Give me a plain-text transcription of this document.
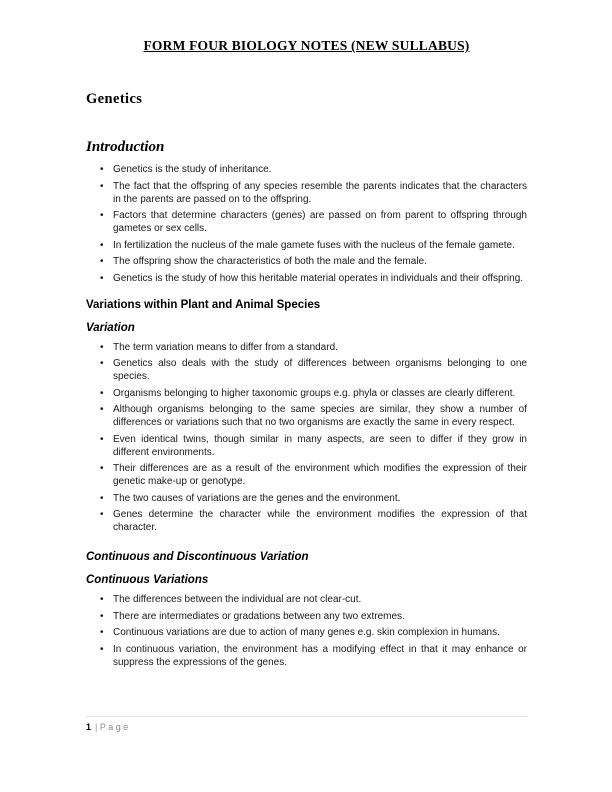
FORM FOUR BIOLOGY NOTES (NEW SULLABUS)
Genetics
Introduction
• Genetics is the study of inheritance.
• The fact that the offspring of any species resemble the parents indicates that the characters in the parents are passed on to the offspring.
• Factors that determine characters (genes) are passed on from parent to offspring through gametes or sex cells.
• In fertilization the nucleus of the male gamete fuses with the nucleus of the female gamete.
• The offspring show the characteristics of both the male and the female.
• Genetics is the study of how this heritable material operates in individuals and their offspring.
Variations within Plant and Animal Species
Variation
• The term variation means to differ from a standard.
• Genetics also deals with the study of differences between organisms belonging to one species.
• Organisms belonging to higher taxonomic groups e.g. phyla or classes are clearly different.
• Although organisms belonging to the same species are similar, they show a number of differences or variations such that no two organisms are exactly the same in every respect.
• Even identical twins, though similar in many aspects, are seen to differ if they grow in different environments.
• Their differences are as a result of the environment which modifies the expression of their genetic make-up or genotype.
• The two causes of variations are the genes and the environment.
• Genes determine the character while the environment modifies the expression of that character.
Continuous and Discontinuous Variation
Continuous Variations
• The differences between the individual are not clear-cut.
• There are intermediates or gradations between any two extremes.
• Continuous variations are due to action of many genes e.g. skin complexion in humans.
• In continuous variation, the environment has a modifying effect in that it may enhance or suppress the expressions of the genes.
1 | P a g e
